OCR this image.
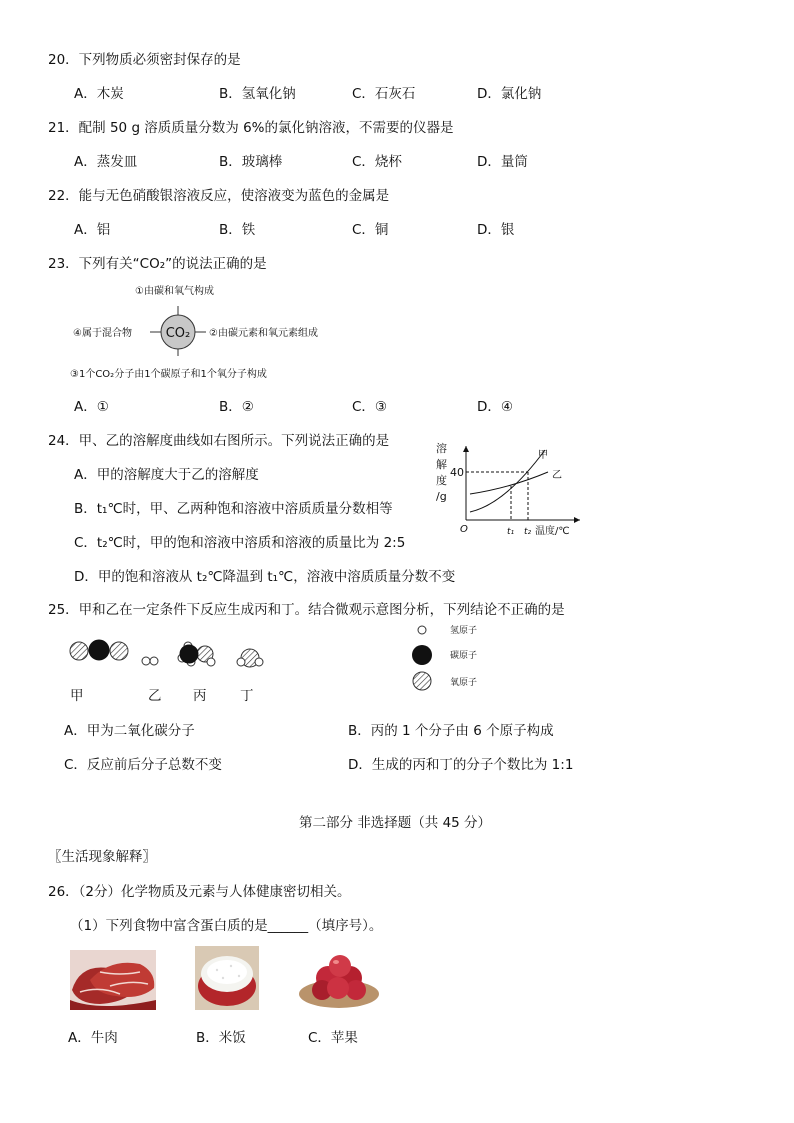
20．下列物质必须密封保存的是
A．木炭	B．氢氧化钠	C．石灰石	D．氯化钠
21．配制 50 g 溶质质量分数为 6%的氯化钠溶液，不需要的仪器是
A．蒸发皿	B．玻璃棒	C．烧杯	D．量筒
22．能与无色硝酸银溶液反应，使溶液变为蓝色的金属是
A．铝	B．铁	C．铜	D．银
23．下列有关“CO₂”的说法正确的是
CO₂
①由碳和氧气构成
②由碳元素和氧元素组成
③1个CO₂分子由1个碳原子和1个氧分子构成
④属于混合物
A．①	B．②	C．③	D．④
24．甲、乙的溶解度曲线如右图所示。下列说法正确的是
A．甲的溶解度大于乙的溶解度
B．t₁℃时，甲、乙两种饱和溶液中溶质质量分数相等
C．t₂℃时，甲的饱和溶液中溶质和溶液的质量比为 2:5
D．甲的饱和溶液从 t₂℃降温到 t₁℃，溶液中溶质质量分数不变
溶
解
度
/g
40
甲
乙
O	t₁ t₂ 温度/℃
25．甲和乙在一定条件下反应生成丙和丁。结合微观示意图分析，下列结论不正确的是
甲	乙 丙 丁
氢原子
碳原子
氧原子
A．甲为二氧化碳分子	B．丙的 1 个分子由 6 个原子构成
C．反应前后分子总数不变	D．生成的丙和丁的分子个数比为 1:1
第二部分 非选择题（共 45 分）
〖生活现象解释〗
26．（2分）化学物质及元素与人体健康密切相关。
（1）下列食物中富含蛋白质的是______（填序号）。
A．牛肉	B．米饭	C．苹果
